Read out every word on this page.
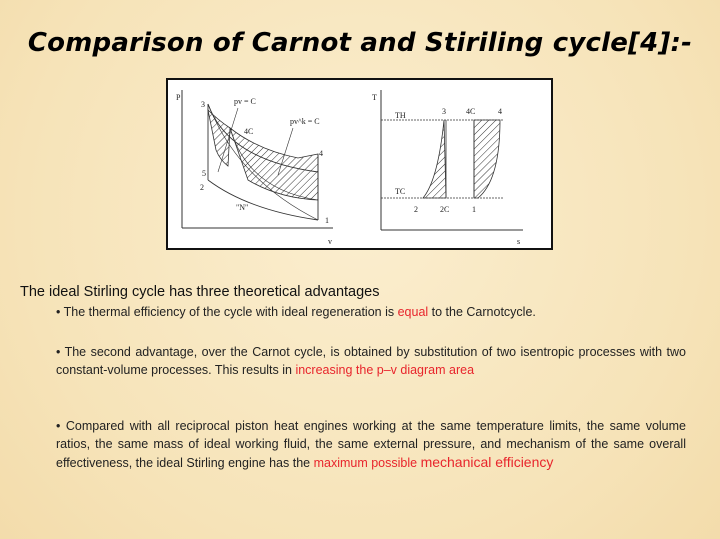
Comparison of Carnot and Stiriling cycle[4]:-
P
v
3
4C
4
1
2
5
pv = C
pv^k = C
"N"
T
s
TH
TC
3	4C	4
2	2C	1
The ideal Stirling cycle has three theoretical advantages
• The thermal efficiency of the cycle with ideal regeneration is equal to the Carnotcycle.
• The second advantage, over the Carnot cycle, is obtained by substitution of two isentropic processes with two constant-volume processes. This results in increasing the p–v diagram area
• Compared with all reciprocal piston heat engines working at the same temperature limits, the same volume ratios, the same mass of ideal working fluid, the same external pressure, and mechanism of the same overall effectiveness, the ideal Stirling engine has the maximum possible mechanical efficiency
